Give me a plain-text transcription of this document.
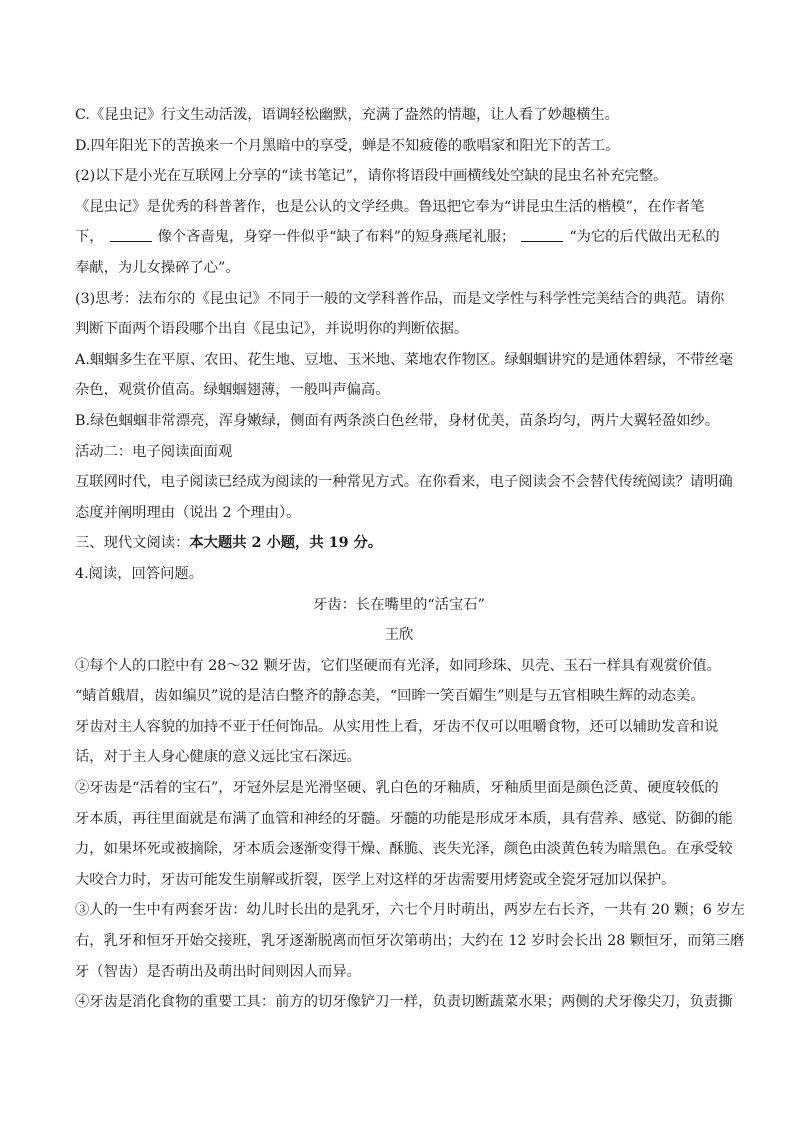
C.《昆虫记》行文生动活泼，语调轻松幽默，充满了盎然的情趣，让人看了妙趣横生。
D.四年阳光下的苦换来一个月黑暗中的享受，蝉是不知疲倦的歌唱家和阳光下的苦工。
(2)以下是小光在互联网上分享的“读书笔记”，请你将语段中画横线处空缺的昆虫名补充完整。
《昆虫记》是优秀的科普著作，也是公认的文学经典。鲁迅把它奉为“讲昆虫生活的楷模”，在作者笔
下，	像个吝啬鬼，身穿一件似乎“缺了布料”的短身燕尾礼服；	“为它的后代做出无私的
奉献，为儿女操碎了心”。
(3)思考：法布尔的《昆虫记》不同于一般的文学科普作品，而是文学性与科学性完美结合的典范。请你
判断下面两个语段哪个出自《昆虫记》，并说明你的判断依据。
A.蝈蝈多生在平原、农田、花生地、豆地、玉米地、菜地农作物区。绿蝈蝈讲究的是通体碧绿，不带丝毫
杂色，观赏价值高。绿蝈蝈翅薄，一般叫声偏高。
B.绿色蝈蝈非常漂亮，浑身嫩绿，侧面有两条淡白色丝带，身材优美，苗条均匀，两片大翼轻盈如纱。
活动二：电子阅读面面观
互联网时代，电子阅读已经成为阅读的一种常见方式。在你看来，电子阅读会不会替代传统阅读？请明确
态度并阐明理由（说出 2 个理由）。
三、现代文阅读：本大题共 2 小题，共 19 分。
4.阅读，回答问题。
牙齿：长在嘴里的“活宝石”
王欣
①每个人的口腔中有 28～32 颗牙齿，它们坚硬而有光泽，如同珍珠、贝壳、玉石一样具有观赏价值。
“蜻首蛾眉，齿如编贝”说的是洁白整齐的静态美，“回眸一笑百媚生”则是与五官相映生辉的动态美。
牙齿对主人容貌的加持不亚于任何饰品。从实用性上看，牙齿不仅可以咀嚼食物，还可以辅助发音和说
话，对于主人身心健康的意义远比宝石深远。
②牙齿是“活着的宝石”，牙冠外层是光滑坚硬、乳白色的牙釉质，牙釉质里面是颜色泛黄、硬度较低的
牙本质，再往里面就是布满了血管和神经的牙髓。牙髓的功能是形成牙本质，具有营养、感觉、防御的能
力，如果坏死或被摘除，牙本质会逐渐变得干燥、酥脆、丧失光泽，颜色由淡黄色转为暗黑色。在承受较
大咬合力时，牙齿可能发生崩解或折裂，医学上对这样的牙齿需要用烤瓷或全瓷牙冠加以保护。
③人的一生中有两套牙齿：幼儿时长出的是乳牙，六七个月时萌出，两岁左右长齐，一共有 20 颗；6 岁左
右，乳牙和恒牙开始交接班，乳牙逐渐脱离而恒牙次第萌出；大约在 12 岁时会长出 28 颗恒牙，而第三磨
牙（智齿）是否萌出及萌出时间则因人而异。
④牙齿是消化食物的重要工具：前方的切牙像铲刀一样，负责切断蔬菜水果；两侧的犬牙像尖刀，负责撕
